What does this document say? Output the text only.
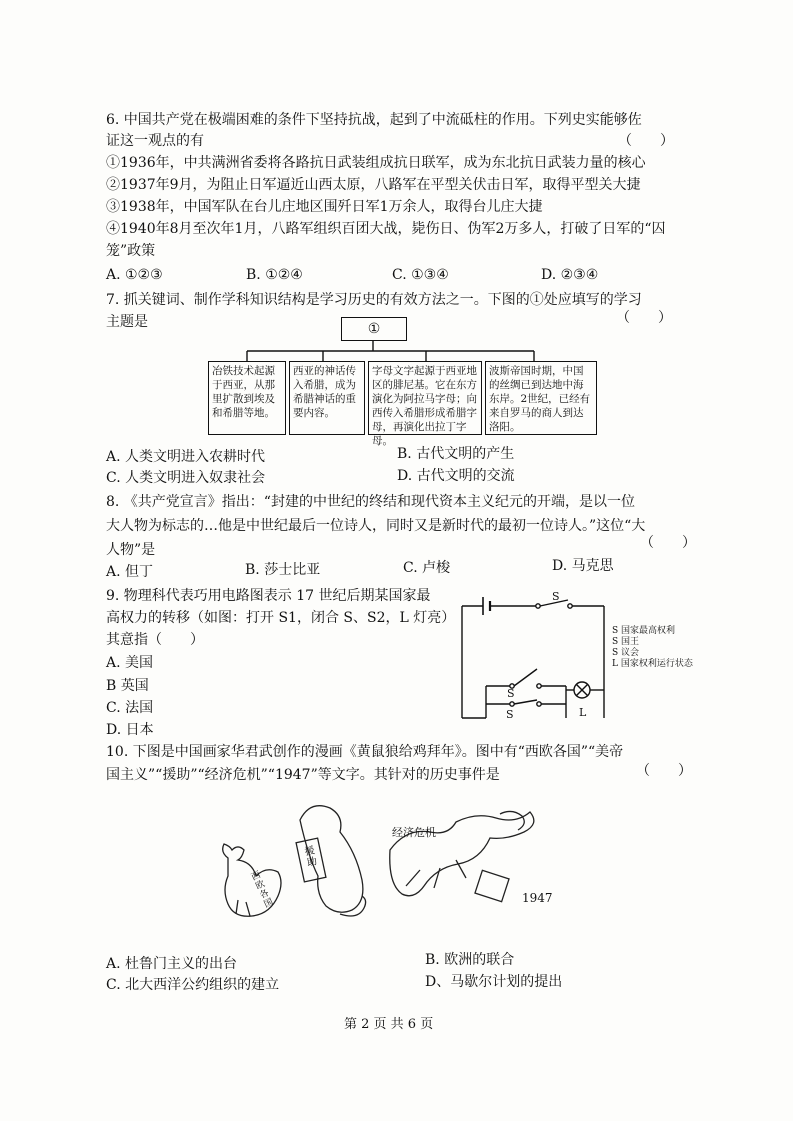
6. 中国共产党在极端困难的条件下坚持抗战，起到了中流砥柱的作用。下列史实能够佐
证这一观点的有	（　　）
①1936年，中共满洲省委将各路抗日武装组成抗日联军，成为东北抗日武装力量的核心
②1937年9月，为阻止日军逼近山西太原，八路军在平型关伏击日军，取得平型关大捷
③1938年，中国军队在台儿庄地区围歼日军1万余人，取得台儿庄大捷
④1940年8月至次年1月，八路军组织百团大战，毙伤日、伪军2万多人，打破了日军的“囚
笼”政策
A. ①②③	B. ①②④	C. ①③④	D. ②③④
7. 抓关键词、制作学科知识结构是学习历史的有效方法之一。下图的①处应填写的学习
主题是	（　　）
①
冶铁技术起源于西亚，从那里扩散到埃及和希腊等地。
西亚的神话传入希腊，成为希腊神话的重要内容。
字母文字起源于西亚地区的腓尼基。它在东方演化为阿拉马字母；向西传入希腊形成希腊字母，再演化出拉丁字母。
波斯帝国时期，中国的丝绸已到达地中海东岸。2世纪，已经有来自罗马的商人到达洛阳。
A. 人类文明进入农耕时代	B. 古代文明的产生
C. 人类文明进入奴隶社会	D. 古代文明的交流
8. 《共产党宣言》指出：“封建的中世纪的终结和现代资本主义纪元的开端，是以一位
大人物为标志的…他是中世纪最后一位诗人，同时又是新时代的最初一位诗人。”这位“大
人物”是	（　　）
A. 但丁	B. 莎士比亚	C. 卢梭	D. 马克思
9. 物理科代表巧用电路图表示 17 世纪后期某国家最
高权力的转移（如图：打开 S1，闭合 S、S2，L 灯亮）
其意指（　　）
A. 美国
B 英国
C. 法国
D. 日本
S
S
S	L
S 国家最高权利
S 国王
S 议会
L 国家权利运行状态
10. 下图是中国画家华君武创作的漫画《黄鼠狼给鸡拜年》。图中有“西欧各国”“美帝
国主义”“援助”“经济危机”“1947”等文字。其针对的历史事件是	（　　）
西欧各国
援助
经济危机
1947
A. 杜鲁门主义的出台	B. 欧洲的联合
C. 北大西洋公约组织的建立	D、马歇尔计划的提出
第 2 页 共 6 页
